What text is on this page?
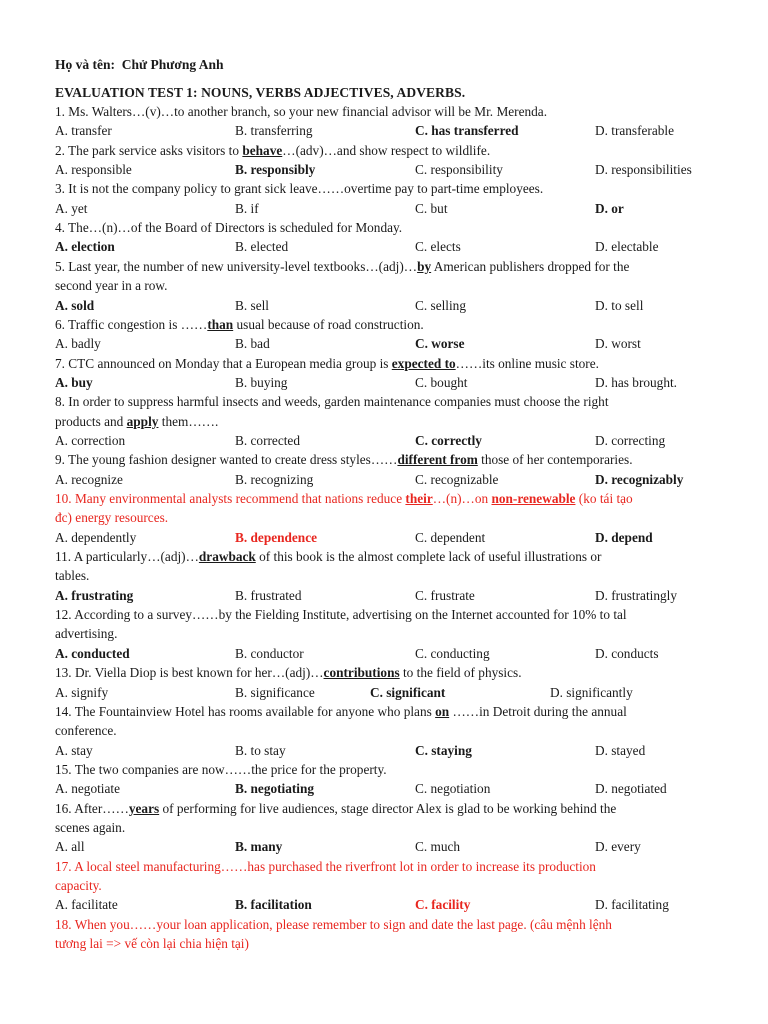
Họ và tên: Chử Phương Anh
EVALUATION TEST 1: NOUNS, VERBS ADJECTIVES, ADVERBS.
1. Ms. Walters…(v)…to another branch, so your new financial advisor will be Mr. Merenda.
A. transfer	B. transferring	C. has transferred	D. transferable
2. The park service asks visitors to behave…(adv)…and show respect to wildlife.
A. responsible	B. responsibly	C. responsibility	D. responsibilities
3. It is not the company policy to grant sick leave……overtime pay to part-time employees.
A. yet	B. if	C. but	D. or
4. The…(n)…of the Board of Directors is scheduled for Monday.
A. election	B. elected	C. elects	D. electable
5. Last year, the number of new university-level textbooks…(adj)…by American publishers dropped for the
second year in a row.
A. sold	B. sell	C. selling	D. to sell
6. Traffic congestion is ……than usual because of road construction.
A. badly	B. bad	C. worse	D. worst
7. CTC announced on Monday that a European media group is expected to……its online music store.
A. buy	B. buying	C. bought	D. has brought.
8. In order to suppress harmful insects and weeds, garden maintenance companies must choose the right
products and apply them…….
A. correction	B. corrected	C. correctly	D. correcting
9. The young fashion designer wanted to create dress styles……different from those of her contemporaries.
A. recognize	B. recognizing	C. recognizable	D. recognizably
10. Many environmental analysts recommend that nations reduce their…(n)…on non-renewable (ko tái tạo
đc) energy resources.
A. dependently	B. dependence	C. dependent	D. depend
11. A particularly…(adj)…drawback of this book is the almost complete lack of useful illustrations or
tables.
A. frustrating	B. frustrated	C. frustrate	D. frustratingly
12. According to a survey……by the Fielding Institute, advertising on the Internet accounted for 10% to tal
advertising.
A. conducted	B. conductor	C. conducting	D. conducts
13. Dr. Viella Diop is best known for her…(adj)…contributions to the field of physics.
A. signify	B. significance	C. significant	D. significantly
14. The Fountainview Hotel has rooms available for anyone who plans on ……in Detroit during the annual
conference.
A. stay	B. to stay	C. staying	D. stayed
15. The two companies are now……the price for the property.
A. negotiate	B. negotiating	C. negotiation	D. negotiated
16. After……years of performing for live audiences, stage director Alex is glad to be working behind the
scenes again.
A. all	B. many	C. much	D. every
17. A local steel manufacturing……has purchased the riverfront lot in order to increase its production
capacity.
A. facilitate	B. facilitation	C. facility	D. facilitating
18. When you……your loan application, please remember to sign and date the last page. (câu mệnh lệnh
tương lai => vế còn lại chia hiện tại)
